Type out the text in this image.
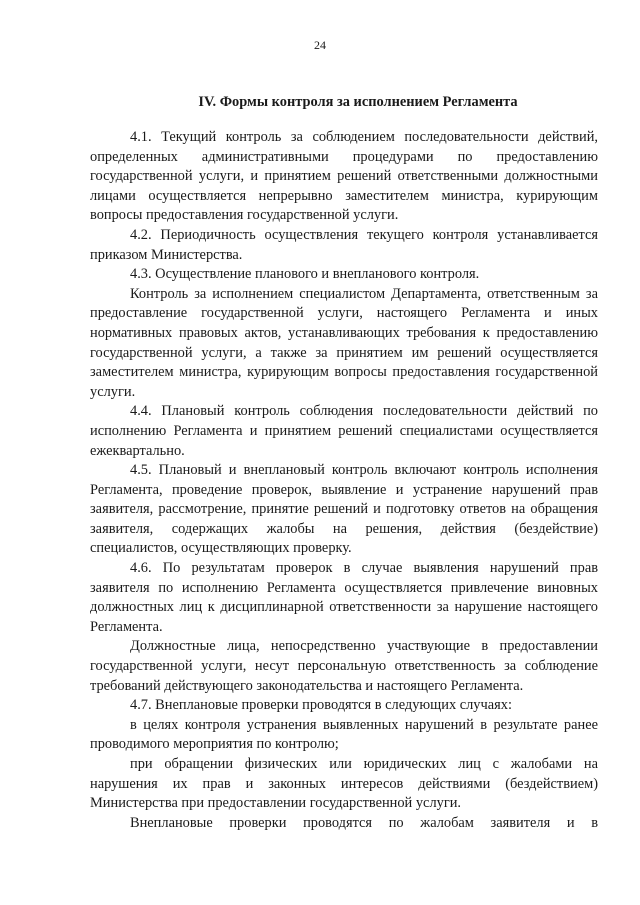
24
IV. Формы контроля за исполнением Регламента

4.1. Текущий контроль за соблюдением последовательности действий, определенных административными процедурами по предоставлению государственной услуги, и принятием решений ответственными должностными лицами осуществляется непрерывно заместителем министра, курирующим вопросы предоставления государственной услуги.

4.2. Периодичность осуществления текущего контроля устанавливается приказом Министерства.

4.3. Осуществление планового и внепланового контроля.

Контроль за исполнением специалистом Департамента, ответственным за предоставление государственной услуги, настоящего Регламента и иных нормативных правовых актов, устанавливающих требования к предоставлению государственной услуги, а также за принятием им решений осуществляется заместителем министра, курирующим вопросы предоставления государственной услуги.

4.4. Плановый контроль соблюдения последовательности действий по исполнению Регламента и принятием решений специалистами осуществляется ежеквартально.

4.5. Плановый и внеплановый контроль включают контроль исполнения Регламента, проведение проверок, выявление и устранение нарушений прав заявителя, рассмотрение, принятие решений и подготовку ответов на обращения заявителя, содержащих жалобы на решения, действия (бездействие) специалистов, осуществляющих проверку.

4.6. По результатам проверок в случае выявления нарушений прав заявителя по исполнению Регламента осуществляется привлечение виновных должностных лиц к дисциплинарной ответственности за нарушение настоящего Регламента.

Должностные лица, непосредственно участвующие в предоставлении государственной услуги, несут персональную ответственность за соблюдение требований действующего законодательства и настоящего Регламента.

4.7. Внеплановые проверки проводятся в следующих случаях:

в целях контроля устранения выявленных нарушений в результате ранее проводимого мероприятия по контролю;

при обращении физических или юридических лиц с жалобами на нарушения их прав и законных интересов действиями (бездействием) Министерства при предоставлении государственной услуги.

Внеплановые проверки проводятся по жалобам заявителя и в
